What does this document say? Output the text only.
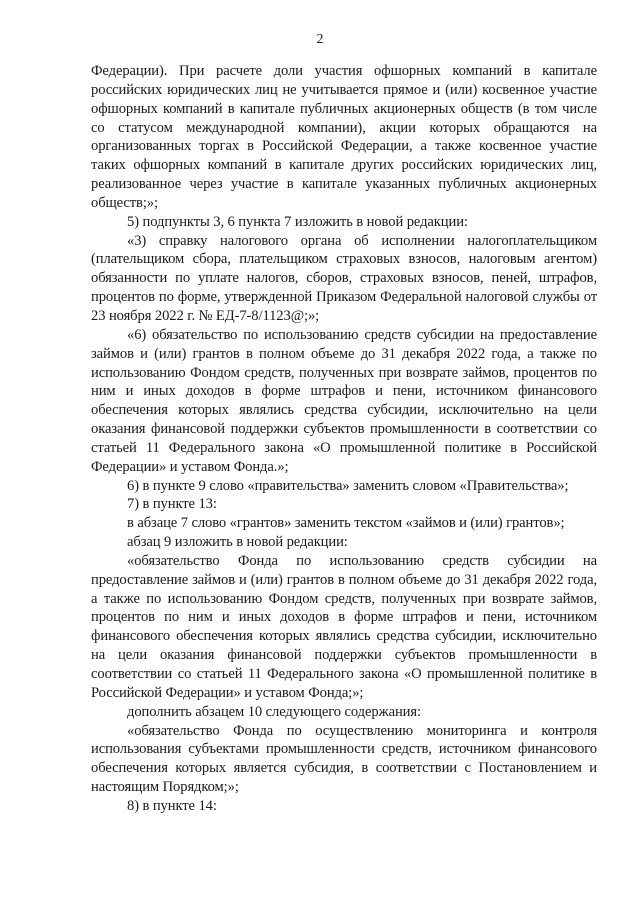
2

Федерации). При расчете доли участия офшорных компаний в капитале российских юридических лиц не учитывается прямое и (или) косвенное участие офшорных компаний в капитале публичных акционерных обществ (в том числе со статусом международной компании), акции которых обращаются на организованных торгах в Российской Федерации, а также косвенное участие таких офшорных компаний в капитале других российских юридических лиц, реализованное через участие в капитале указанных публичных акционерных обществ;»;

5) подпункты 3, 6 пункта 7 изложить в новой редакции:

«3) справку налогового органа об исполнении налогоплательщиком (плательщиком сбора, плательщиком страховых взносов, налоговым агентом) обязанности по уплате налогов, сборов, страховых взносов, пеней, штрафов, процентов по форме, утвержденной Приказом Федеральной налоговой службы от 23 ноября 2022 г. № ЕД-7-8/1123@;»;

«6) обязательство по использованию средств субсидии на предоставление займов и (или) грантов в полном объеме до 31 декабря 2022 года, а также по использованию Фондом средств, полученных при возврате займов, процентов по ним и иных доходов в форме штрафов и пени, источником финансового обеспечения которых являлись средства субсидии, исключительно на цели оказания финансовой поддержки субъектов промышленности в соответствии со статьей 11 Федерального закона «О промышленной политике в Российской Федерации» и уставом Фонда.»;

6) в пункте 9 слово «правительства» заменить словом «Правительства»;

7) в пункте 13:

в абзаце 7 слово «грантов» заменить текстом «займов и (или) грантов»;

абзац 9 изложить в новой редакции:

«обязательство Фонда по использованию средств субсидии на предоставление займов и (или) грантов в полном объеме до 31 декабря 2022 года, а также по использованию Фондом средств, полученных при возврате займов, процентов по ним и иных доходов в форме штрафов и пени, источником финансового обеспечения которых являлись средства субсидии, исключительно на цели оказания финансовой поддержки субъектов промышленности в соответствии со статьей 11 Федерального закона «О промышленной политике в Российской Федерации» и уставом Фонда;»;

дополнить абзацем 10 следующего содержания:

«обязательство Фонда по осуществлению мониторинга и контроля использования субъектами промышленности средств, источником финансового обеспечения которых является субсидия, в соответствии с Постановлением и настоящим Порядком;»;

8) в пункте 14:
